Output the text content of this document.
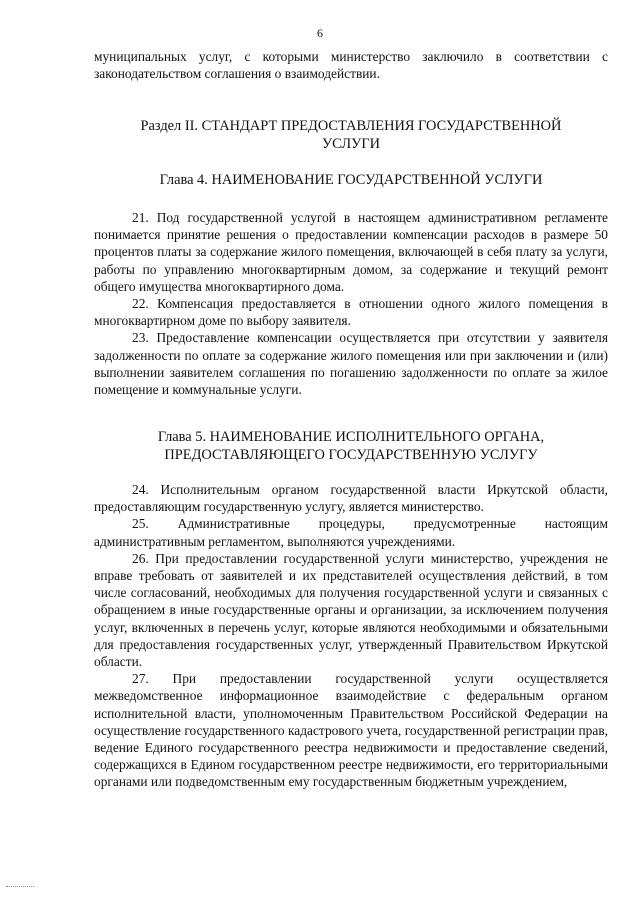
6

муниципальных услуг, с которыми министерство заключило в соответствии с законодательством соглашения о взаимодействии.

Раздел II. СТАНДАРТ ПРЕДОСТАВЛЕНИЯ ГОСУДАРСТВЕННОЙ УСЛУГИ
Глава 4. НАИМЕНОВАНИЕ ГОСУДАРСТВЕННОЙ УСЛУГИ

21. Под государственной услугой в настоящем административном регламенте понимается принятие решения о предоставлении компенсации расходов в размере 50 процентов платы за содержание жилого помещения, включающей в себя плату за услуги, работы по управлению многоквартирным домом, за содержание и текущий ремонт общего имущества многоквартирного дома.

22. Компенсация предоставляется в отношении одного жилого помещения в многоквартирном доме по выбору заявителя.

23. Предоставление компенсации осуществляется при отсутствии у заявителя задолженности по оплате за содержание жилого помещения или при заключении и (или) выполнении заявителем соглашения по погашению задолженности по оплате за жилое помещение и коммунальные услуги.

Глава 5. НАИМЕНОВАНИЕ ИСПОЛНИТЕЛЬНОГО ОРГАНА, ПРЕДОСТАВЛЯЮЩЕГО ГОСУДАРСТВЕННУЮ УСЛУГУ

24. Исполнительным органом государственной власти Иркутской области, предоставляющим государственную услугу, является министерство.

25. Административные процедуры, предусмотренные настоящим административным регламентом, выполняются учреждениями.

26. При предоставлении государственной услуги министерство, учреждения не вправе требовать от заявителей и их представителей осуществления действий, в том числе согласований, необходимых для получения государственной услуги и связанных с обращением в иные государственные органы и организации, за исключением получения услуг, включенных в перечень услуг, которые являются необходимыми и обязательными для предоставления государственных услуг, утвержденный Правительством Иркутской области.

27. При предоставлении государственной услуги осуществляется межведомственное информационное взаимодействие с федеральным органом исполнительной власти, уполномоченным Правительством Российской Федерации на осуществление государственного кадастрового учета, государственной регистрации прав, ведение Единого государственного реестра недвижимости и предоставление сведений, содержащихся в Едином государственном реестре недвижимости, его территориальными органами или подведомственным ему государственным бюджетным учреждением,
